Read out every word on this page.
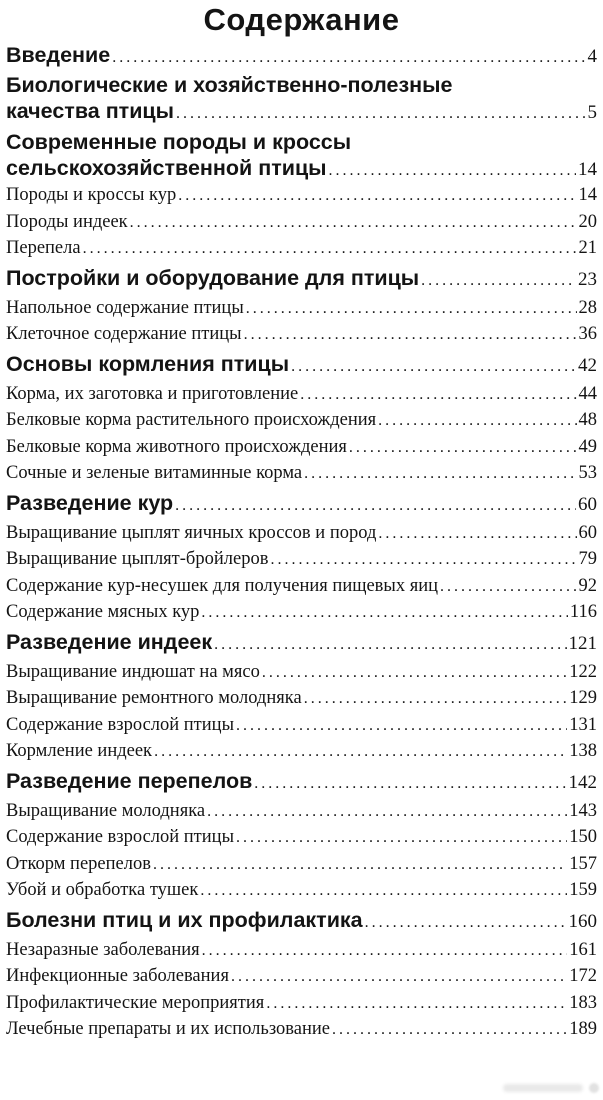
Содержание
Введение .....	4
Биологические и хозяйственно-полезные
качества птицы .....	5
Современные породы и кроссы
сельскохозяйственной птицы .....	14
Породы и кроссы кур .....	14
Породы индеек .....	20
Перепела .....	21
Постройки и оборудование для птицы .....	23
Напольное содержание птицы .....	28
Клеточное содержание птицы .....	36
Основы кормления птицы .....	42
Корма, их заготовка и приготовление .....	44
Белковые корма растительного происхождения .....	48
Белковые корма животного происхождения .....	49
Сочные и зеленые витаминные корма .....	53
Разведение кур .....	60
Выращивание цыплят яичных кроссов и пород .....	60
Выращивание цыплят-бройлеров .....	79
Содержание кур-несушек для получения пищевых яиц .....	92
Содержание мясных кур .....	116
Разведение индеек .....	121
Выращивание индюшат на мясо .....	122
Выращивание ремонтного молодняка .....	129
Содержание взрослой птицы .....	131
Кормление индеек .....	138
Разведение перепелов .....	142
Выращивание молодняка .....	143
Содержание взрослой птицы .....	150
Откорм перепелов .....	157
Убой и обработка тушек .....	159
Болезни птиц и их профилактика .....	160
Незаразные заболевания .....	161
Инфекционные заболевания .....	172
Профилактические мероприятия .....	183
Лечебные препараты и их использование .....	189
